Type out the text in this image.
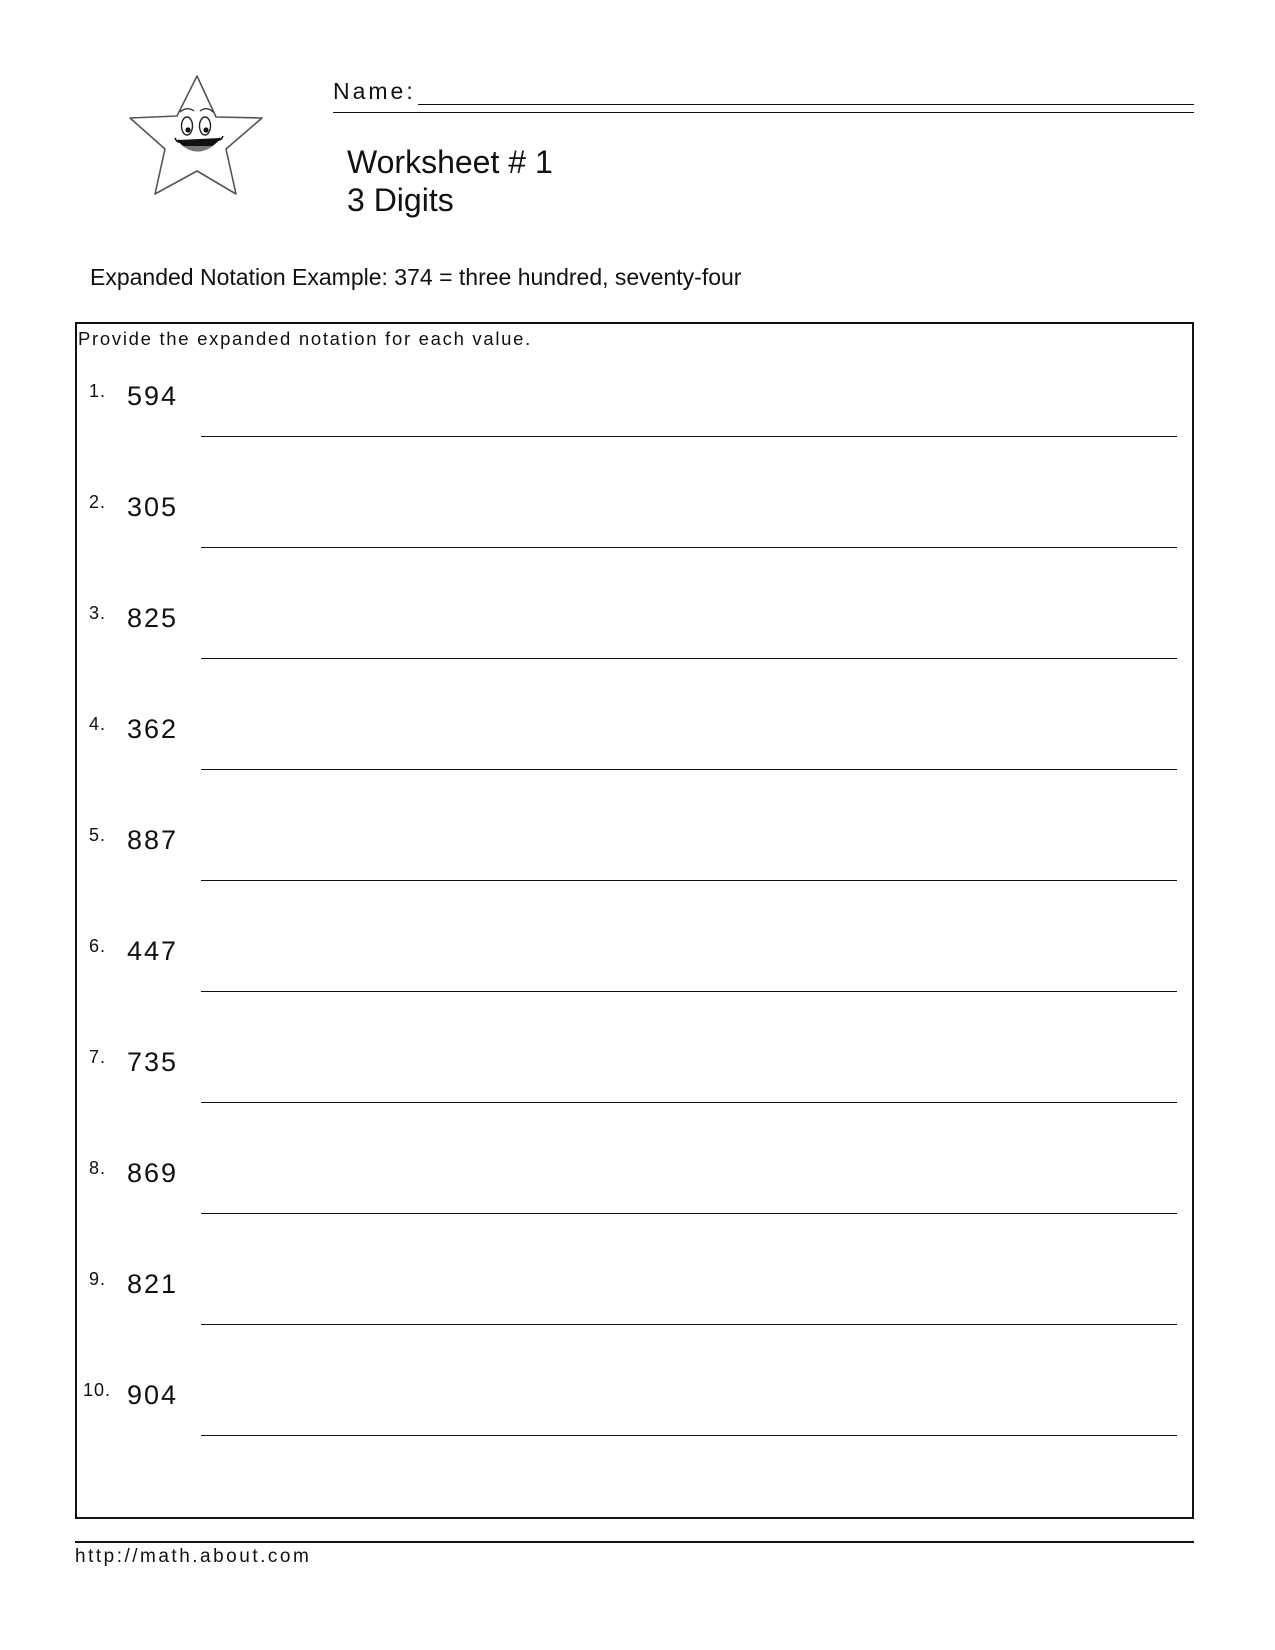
Name:
Worksheet # 1
3 Digits
Expanded Notation Example: 374 = three hundred, seventy-four
Provide the expanded notation for each value.
1. 594
2. 305
3. 825
4. 362
5. 887
6. 447
7. 735
8. 869
9. 821
10. 904
http://math.about.com
